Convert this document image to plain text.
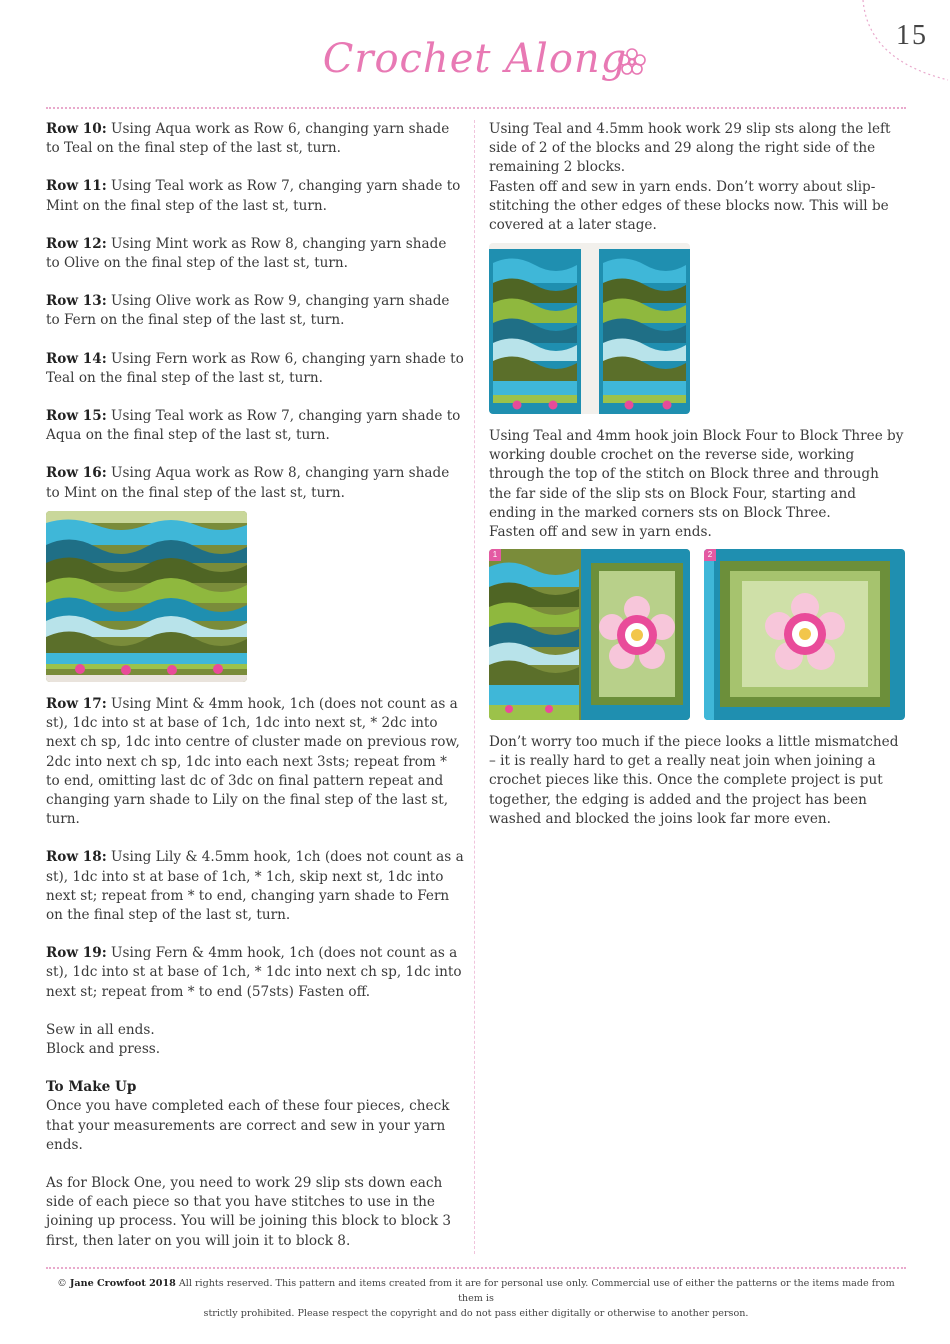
15
Crochet Along

Row 10: Using Aqua work as Row 6, changing yarn shade to Teal on the final step of the last st, turn.

Row 11: Using Teal work as Row 7, changing yarn shade to Mint on the final step of the last st, turn.

Row 12: Using Mint work as Row 8, changing yarn shade to Olive on the final step of the last st, turn.

Row 13: Using Olive work as Row 9, changing yarn shade to Fern on the final step of the last st, turn.

Row 14: Using Fern work as Row 6, changing yarn shade to Teal on the final step of the last st, turn.

Row 15: Using Teal work as Row 7, changing yarn shade to Aqua on the final step of the last st, turn.

Row 16: Using Aqua work as Row 8, changing yarn shade to Mint on the final step of the last st, turn.

Row 17: Using Mint & 4mm hook, 1ch (does not count as a st), 1dc into st at base of 1ch, 1dc into next st, * 2dc into next ch sp, 1dc into centre of cluster made on previous row, 2dc into next ch sp, 1dc into each next 3sts; repeat from * to end, omitting last dc of 3dc on final pattern repeat and changing yarn shade to Lily on the final step of the last st, turn.

Row 18: Using Lily & 4.5mm hook, 1ch (does not count as a st), 1dc into st at base of 1ch, * 1ch, skip next st, 1dc into next st; repeat from * to end, changing yarn shade to Fern on the final step of the last st, turn.

Row 19: Using Fern & 4mm hook, 1ch (does not count as a st), 1dc into st at base of 1ch, * 1dc into next ch sp, 1dc into next st; repeat from * to end (57sts) Fasten off.

Sew in all ends.
Block and press.

To Make Up
Once you have completed each of these four pieces, check that your measurements are correct and sew in your yarn ends.

As for Block One, you need to work 29 slip sts down each side of each piece so that you have stitches to use in the joining up process. You will be joining this block to block 3 first, then later on you will join it to block 8.

Using Teal and 4.5mm hook work 29 slip sts along the left side of 2 of the blocks and 29 along the right side of the remaining 2 blocks.

Fasten off and sew in yarn ends. Don’t worry about slip-stitching the other edges of these blocks now. This will be covered at a later stage.

Using Teal and 4mm hook join Block Four to Block Three by working double crochet on the reverse side, working through the top of the stitch on Block three and through the far side of the slip sts on Block Four, starting and ending in the marked corners sts on Block Three.

Fasten off and sew in yarn ends.

1	2

Don’t worry too much if the piece looks a little mismatched – it is really hard to get a really neat join when joining a crochet pieces like this. Once the complete project is put together, the edging is added and the project has been washed and blocked the joins look far more even.

© Jane Crowfoot 2018 All rights reserved. This pattern and items created from it are for personal use only. Commercial use of either the patterns or the items made from them is
strictly prohibited. Please respect the copyright and do not pass either digitally or otherwise to another person.
